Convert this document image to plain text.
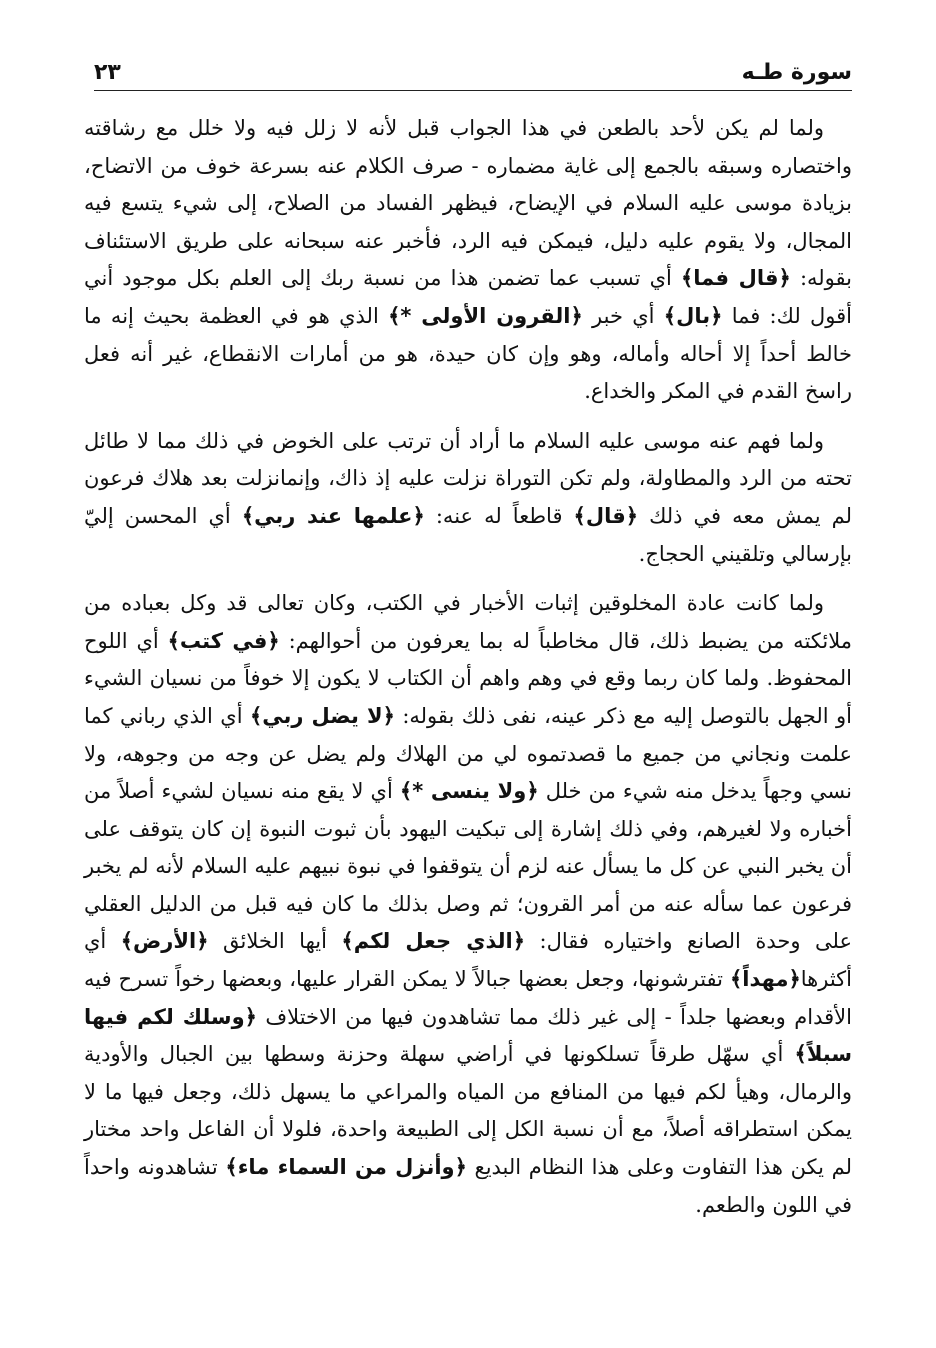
سورة طـه
٢٣

ولما لم يكن لأحد بالطعن في هذا الجواب قبل لأنه لا زلل فيه ولا خلل مع رشاقته واختصاره وسبقه بالجمع إلى غاية مضماره - صرف الكلام عنه بسرعة خوف من الاتضاح، بزيادة موسى عليه السلام في الإيضاح، فيظهر الفساد من الصلاح، إلى شيء يتسع فيه المجال، ولا يقوم عليه دليل، فيمكن فيه الرد، فأخبر عنه سبحانه على طريق الاستئناف بقوله: ﴿قال فما﴾ أي تسبب عما تضمن هذا من نسبة ربك إلى العلم بكل موجود أني أقول لك: فما ﴿بال﴾ أي خبر ﴿القرون الأولى *﴾ الذي هو في العظمة بحيث إنه ما خالط أحداً إلا أحاله وأماله، وهو وإن كان حيدة، هو من أمارات الانقطاع، غير أنه فعل راسخ القدم في المكر والخداع.

ولما فهم عنه موسى عليه السلام ما أراد أن ترتب على الخوض في ذلك مما لا طائل تحته من الرد والمطاولة، ولم تكن التوراة نزلت عليه إذ ذاك، وإنمانزلت بعد هلاك فرعون لم يمش معه في ذلك ﴿قال﴾ قاطعاً له عنه: ﴿علمها عند ربي﴾ أي المحسن إليّ بإرسالي وتلقيني الحجاج.

ولما كانت عادة المخلوقين إثبات الأخبار في الكتب، وكان تعالى قد وكل بعباده من ملائكته من يضبط ذلك، قال مخاطباً له بما يعرفون من أحوالهم: ﴿في كتب﴾ أي اللوح المحفوظ. ولما كان ربما وقع في وهم واهم أن الكتاب لا يكون إلا خوفاً من نسيان الشيء أو الجهل بالتوصل إليه مع ذكر عينه، نفى ذلك بقوله: ﴿لا يضل ربي﴾ أي الذي رباني كما علمت ونجاني من جميع ما قصدتموه لي من الهلاك ولم يضل عن وجه من وجوهه، ولا نسي وجهاً يدخل منه شيء من خلل ﴿ولا ينسى *﴾ أي لا يقع منه نسيان لشيء أصلاً من أخباره ولا لغيرهم، وفي ذلك إشارة إلى تبكيت اليهود بأن ثبوت النبوة إن كان يتوقف على أن يخبر النبي عن كل ما يسأل عنه لزم أن يتوقفوا في نبوة نبيهم عليه السلام لأنه لم يخبر فرعون عما سأله عنه من أمر القرون؛ ثم وصل بذلك ما كان فيه قبل من الدليل العقلي على وحدة الصانع واختياره فقال: ﴿الذي جعل لكم﴾ أيها الخلائق ﴿الأرض﴾ أي أكثرها﴿مهداً﴾ تفترشونها، وجعل بعضها جبالاً لا يمكن القرار عليها، وبعضها رخواً تسرح فيه الأقدام وبعضها جلداً - إلى غير ذلك مما تشاهدون فيها من الاختلاف ﴿وسلك لكم فيها سبلاً﴾ أي سهّل طرقاً تسلكونها في أراضي سهلة وحزنة وسطها بين الجبال والأودية والرمال، وهيأ لكم فيها من المنافع من المياه والمراعي ما يسهل ذلك، وجعل فيها ما لا يمكن استطراقه أصلاً، مع أن نسبة الكل إلى الطبيعة واحدة، فلولا أن الفاعل واحد مختار لم يكن هذا التفاوت وعلى هذا النظام البديع ﴿وأنزل من السماء ماء﴾ تشاهدونه واحداً في اللون والطعم.
